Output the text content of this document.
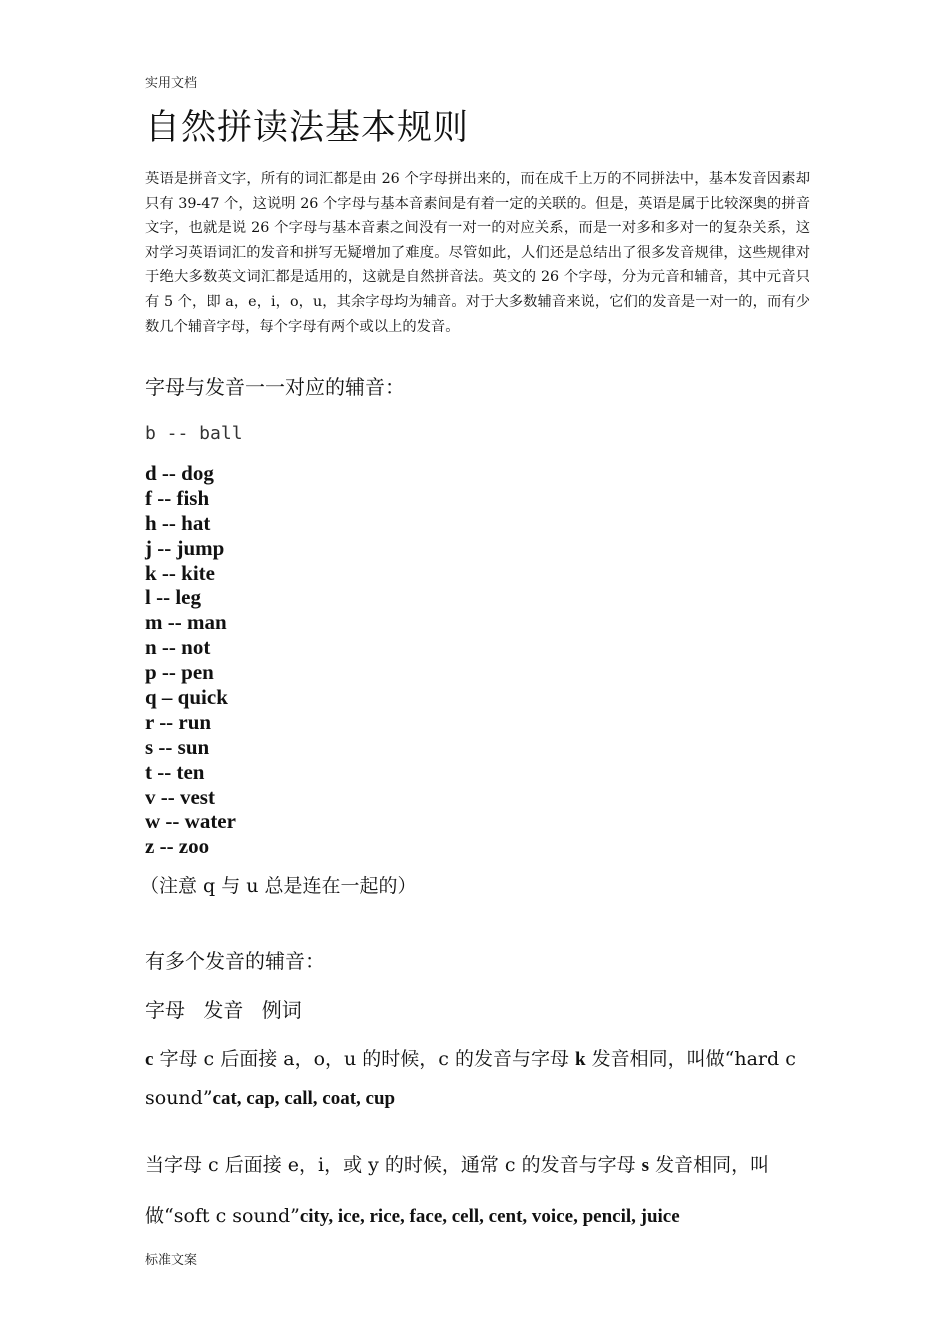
实用文档
自然拼读法基本规则

英语是拼音文字，所有的词汇都是由 26 个字母拼出来的，而在成千上万的不同拼法中，基本发音因素却只有 39-47 个，这说明 26 个字母与基本音素间是有着一定的关联的。但是，英语是属于比较深奥的拼音文字，也就是说 26 个字母与基本音素之间没有一对一的对应关系，而是一对多和多对一的复杂关系，这对学习英语词汇的发音和拼写无疑增加了难度。尽管如此，人们还是总结出了很多发音规律，这些规律对于绝大多数英文词汇都是适用的，这就是自然拼音法。英文的 26 个字母，分为元音和辅音，其中元音只有 5 个，即 a，e，i，o，u，其余字母均为辅音。对于大多数辅音来说，它们的发音是一对一的，而有少数几个辅音字母，每个字母有两个或以上的发音。

字母与发音一一对应的辅音：
b -- ball
d -- dog
f -- fish
h -- hat
j -- jump
k -- kite
l -- leg
m -- man
n -- not
p -- pen
q – quick
r -- run
s -- sun
t -- ten
v -- vest
w -- water
z -- zoo
（注意 q 与 u 总是连在一起的）
有多个发音的辅音：
字母 发音 例词

c 字母 c 后面接 a，o，u 的时候，c 的发音与字母 k 发音相同，叫做“hard c sound”cat, cap, call, coat, cup

当字母 c 后面接 e，i，或 y 的时候，通常 c 的发音与字母 s 发音相同，叫做“soft c sound”city, ice, rice, face, cell, cent, voice, pencil, juice

标准文案
